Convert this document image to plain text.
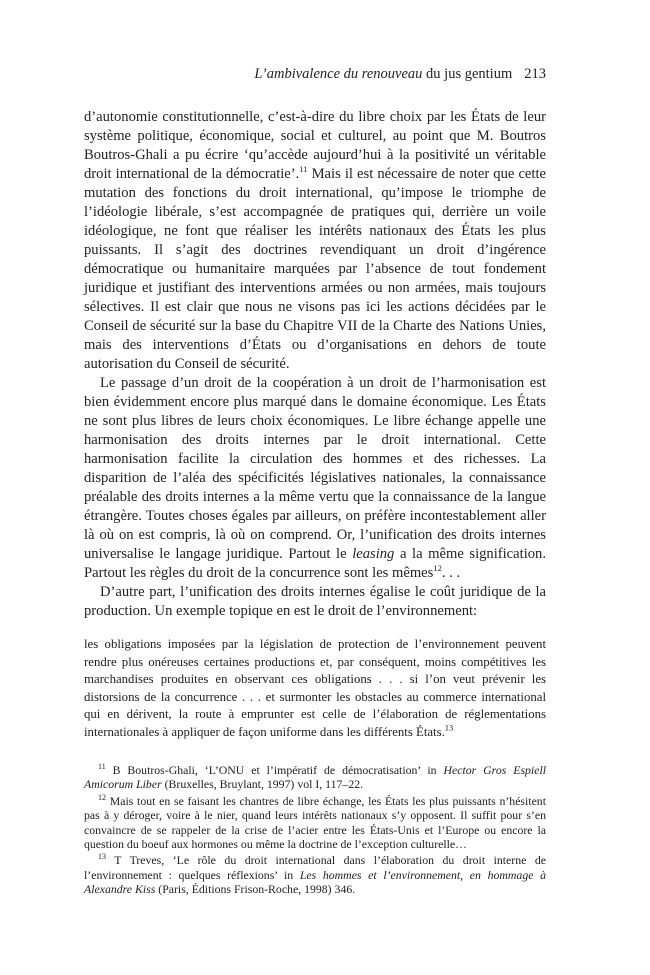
L’ambivalence du renouveau du jus gentium 213

d’autonomie constitutionnelle, c’est-à-dire du libre choix par les États de leur système politique, économique, social et culturel, au point que M. Boutros Boutros-Ghali a pu écrire ‘qu’accède aujourd’hui à la positivité un véritable droit international de la démocratie’.$^{11}$ Mais il est nécessaire de noter que cette mutation des fonctions du droit international, qu’impose le triomphe de l’idéologie libérale, s’est accompagnée de pratiques qui, derrière un voile idéologique, ne font que réaliser les intérêts nationaux des États les plus puissants. Il s’agit des doctrines revendiquant un droit d’ingérence démocratique ou humanitaire marquées par l’absence de tout fondement juridique et justifiant des interventions armées ou non armées, mais toujours sélectives. Il est clair que nous ne visons pas ici les actions décidées par le Conseil de sécurité sur la base du Chapitre VII de la Charte des Nations Unies, mais des interventions d’États ou d’organisations en dehors de toute autorisation du Conseil de sécurité.

Le passage d’un droit de la coopération à un droit de l’harmonisation est bien évidemment encore plus marqué dans le domaine économique. Les États ne sont plus libres de leurs choix économiques. Le libre échange appelle une harmonisation des droits internes par le droit international. Cette harmonisation facilite la circulation des hommes et des richesses. La disparition de l’aléa des spécificités législatives nationales, la connaissance préalable des droits internes a la même vertu que la connaissance de la langue étrangère. Toutes choses égales par ailleurs, on préfère incontestablement aller là où on est compris, là où on comprend. Or, l’unification des droits internes universalise le langage juridique. Partout le leasing a la même signification. Partout les règles du droit de la concurrence sont les mêmes$^{12}$. . .

D’autre part, l’unification des droits internes égalise le coût juridique de la production. Un exemple topique en est le droit de l’environnement:

les obligations imposées par la législation de protection de l’environnement peuvent rendre plus onéreuses certaines productions et, par conséquent, moins compétitives les marchandises produites en observant ces obligations . . . si l’on veut prévenir les distorsions de la concurrence . . . et surmonter les obstacles au commerce international qui en dérivent, la route à emprunter est celle de l’élaboration de réglementations internationales à appliquer de façon uniforme dans les différents États.$^{13}$

$^{11}$ B Boutros-Ghali, ‘L’ONU et l’impératif de démocratisation’ in Hector Gros Espiell Amicorum Liber (Bruxelles, Bruylant, 1997) vol I, 117–22.

$^{12}$ Mais tout en se faisant les chantres de libre échange, les États les plus puissants n’hésitent pas à y déroger, voire à le nier, quand leurs intérêts nationaux s’y opposent. Il suffit pour s’en convaincre de se rappeler de la crise de l’acier entre les États-Unis et l’Europe ou encore la question du boeuf aux hormones ou même la doctrine de l’exception culturelle…

$^{13}$ T Treves, ‘Le rôle du droit international dans l’élaboration du droit interne de l’environnement : quelques réflexions’ in Les hommes et l’environnement, en hommage à Alexandre Kiss (Paris, Éditions Frison-Roche, 1998) 346.
